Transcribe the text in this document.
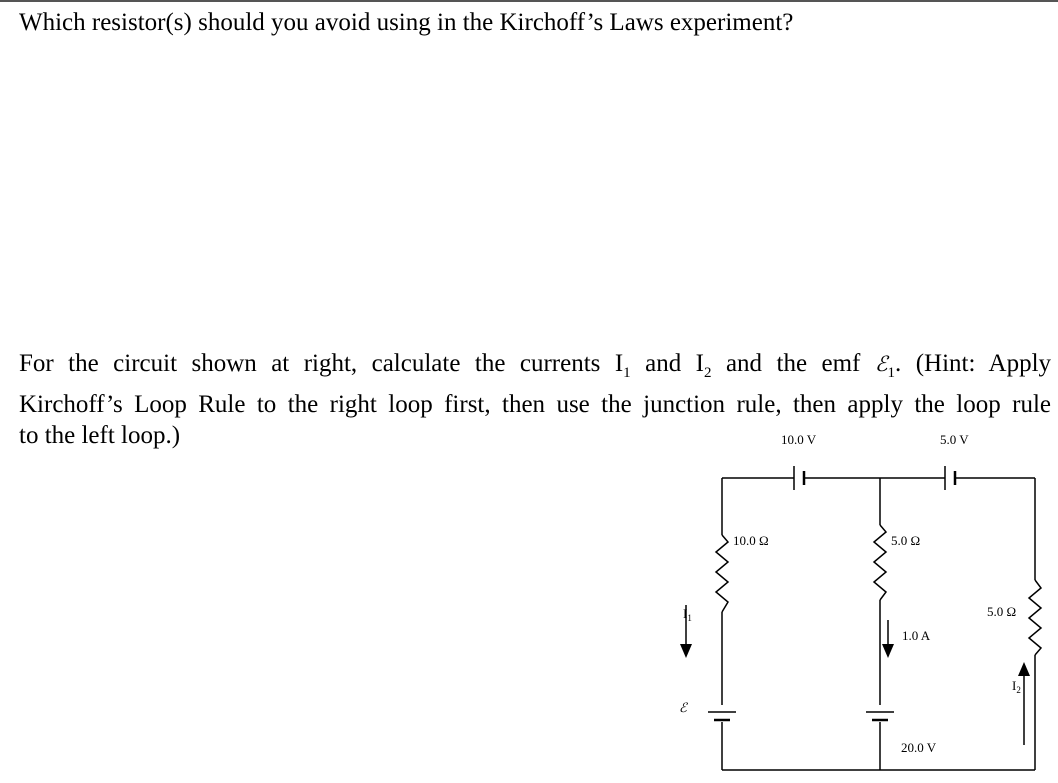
Which resistor(s) should you avoid using in the Kirchoff’s Laws experiment?

For the circuit shown at right, calculate the currents $I_1$ and $I_2$ and the emf ℰ$_1$. (Hint: Apply
Kirchoff’s Loop Rule to the right loop first, then use the junction rule, then apply the loop rule
to the left loop.)	10.0 V	5.0 V
10.0 Ω	5.0 Ω
5.0 Ω
$I_1$
1.0 A
$I_2$
ℰ
20.0 V
